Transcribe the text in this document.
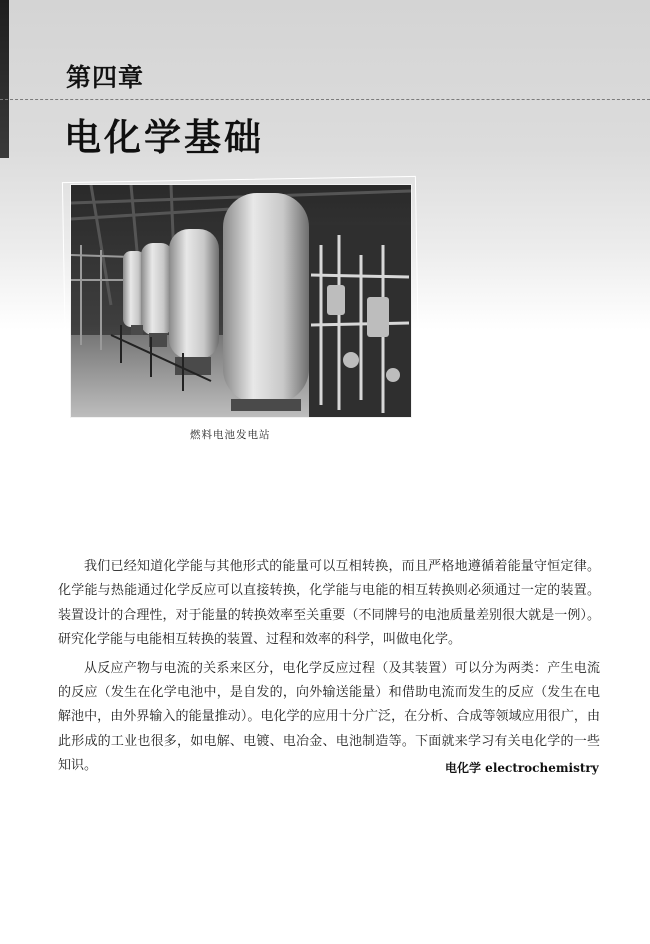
第四章
电化学基础
燃料电池发电站

我们已经知道化学能与其他形式的能量可以互相转换，而且严格地遵循着能量守恒定律。化学能与热能通过化学反应可以直接转换，化学能与电能的相互转换则必须通过一定的装置。装置设计的合理性，对于能量的转换效率至关重要（不同牌号的电池质量差别很大就是一例）。研究化学能与电能相互转换的装置、过程和效率的科学，叫做电化学。

从反应产物与电流的关系来区分，电化学反应过程（及其装置）可以分为两类：产生电流的反应（发生在化学电池中，是自发的，向外输送能量）和借助电流而发生的反应（发生在电解池中，由外界输入的能量推动）。电化学的应用十分广泛，在分析、合成等领域应用很广，由此形成的工业也很多，如电解、电镀、电冶金、电池制造等。下面就来学习有关电化学的一些知识。	电化学 electrochemistry
